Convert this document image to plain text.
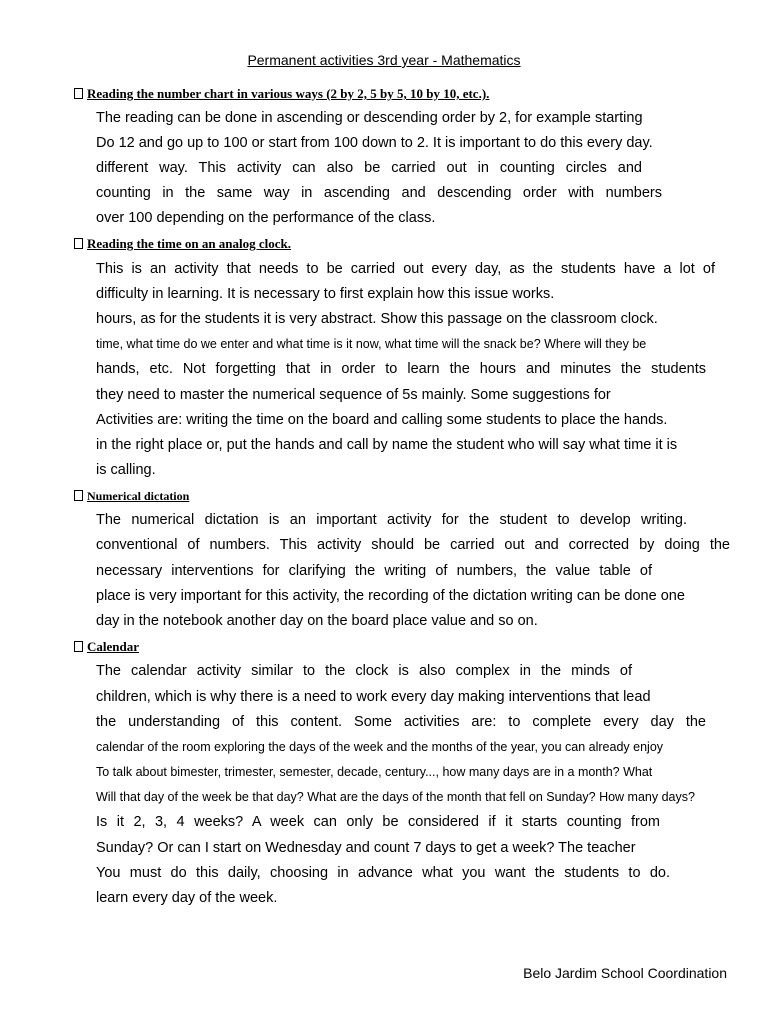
Permanent activities 3rd year - Mathematics
Reading the number chart in various ways (2 by 2, 5 by 5, 10 by 10, etc.).
The reading can be done in ascending or descending order by 2, for example starting
Do 12 and go up to 100 or start from 100 down to 2. It is important to do this every day.
different way. This activity can also be carried out in counting circles and
counting in the same way in ascending and descending order with numbers
over 100 depending on the performance of the class.
Reading the time on an analog clock.
This is an activity that needs to be carried out every day, as the students have a lot of
difficulty in learning. It is necessary to first explain how this issue works.
hours, as for the students it is very abstract. Show this passage on the classroom clock.
time, what time do we enter and what time is it now, what time will the snack be? Where will they be
hands, etc. Not forgetting that in order to learn the hours and minutes the students
they need to master the numerical sequence of 5s mainly. Some suggestions for
Activities are: writing the time on the board and calling some students to place the hands.
in the right place or, put the hands and call by name the student who will say what time it is
is calling.
Numerical dictation
The numerical dictation is an important activity for the student to develop writing.
conventional of numbers. This activity should be carried out and corrected by doing the
necessary interventions for clarifying the writing of numbers, the value table of
place is very important for this activity, the recording of the dictation writing can be done one
day in the notebook another day on the board place value and so on.
Calendar
The calendar activity similar to the clock is also complex in the minds of
children, which is why there is a need to work every day making interventions that lead
the understanding of this content. Some activities are: to complete every day the
calendar of the room exploring the days of the week and the months of the year, you can already enjoy
To talk about bimester, trimester, semester, decade, century..., how many days are in a month? What
Will that day of the week be that day? What are the days of the month that fell on Sunday? How many days?
Is it 2, 3, 4 weeks? A week can only be considered if it starts counting from
Sunday? Or can I start on Wednesday and count 7 days to get a week? The teacher
You must do this daily, choosing in advance what you want the students to do.
learn every day of the week.
Belo Jardim School Coordination
